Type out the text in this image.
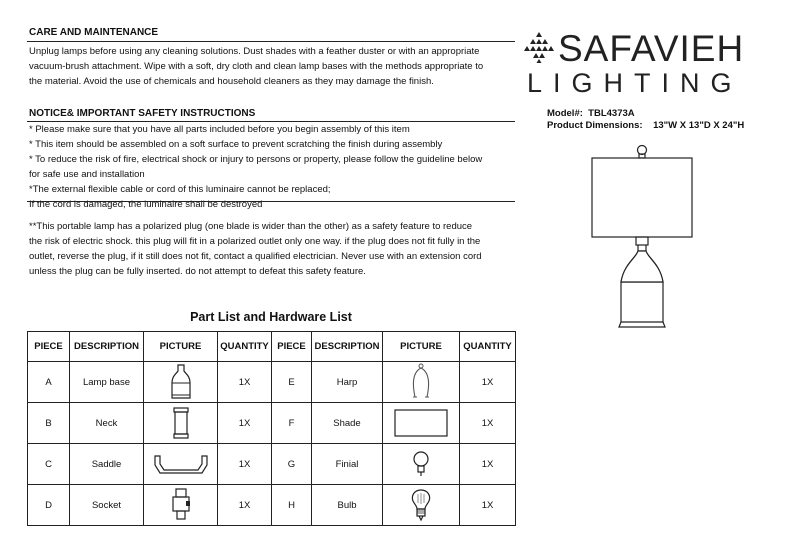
CARE AND MAINTENANCE
Unplug lamps before using any cleaning solutions. Dust shades with a feather duster or with an appropriate
vacuum-brush attachment. Wipe with a soft, dry cloth and clean lamp bases with the methods appropriate to
the material. Avoid the use of chemicals and household cleaners as they may damage the finish.
NOTICE& IMPORTANT SAFETY INSTRUCTIONS
* Please make sure that you have all parts included before you begin assembly of this item
* This item should be assembled on a soft surface to prevent scratching the finish during assembly
* To reduce the risk of fire, electrical shock or injury to persons or property, please follow the guideline below
for safe use and installation
*The external flexible cable or cord of this luminaire cannot be replaced;
If the cord is damaged, the luminaire shall be destroyed
**This portable lamp has a polarized plug (one blade is wider than the other) as a safety feature to reduce
the risk of electric shock. this plug will fit in a polarized outlet only one way. if the plug does not fit fully in the
outlet, reverse the plug, if it still does not fit, contact a qualified electrician. Never use with an extension cord
unless the plug can be fully inserted. do not attempt to defeat this safety feature.
SAFAVIEH
LIGHTING
Model#: TBL4373A
Product Dimensions: 13"W X 13"D X 24"H
Part List and Hardware List
PIECE	DESCRIPTION	PICTURE	QUANTITY	PIECE	DESCRIPTION	PICTURE	QUANTITY
A	Lamp base		1X	E	Harp		1X
B	Neck		1X	F	Shade		1X
C	Saddle		1X	G	Finial		1X
D	Socket		1X	H	Bulb		1X
